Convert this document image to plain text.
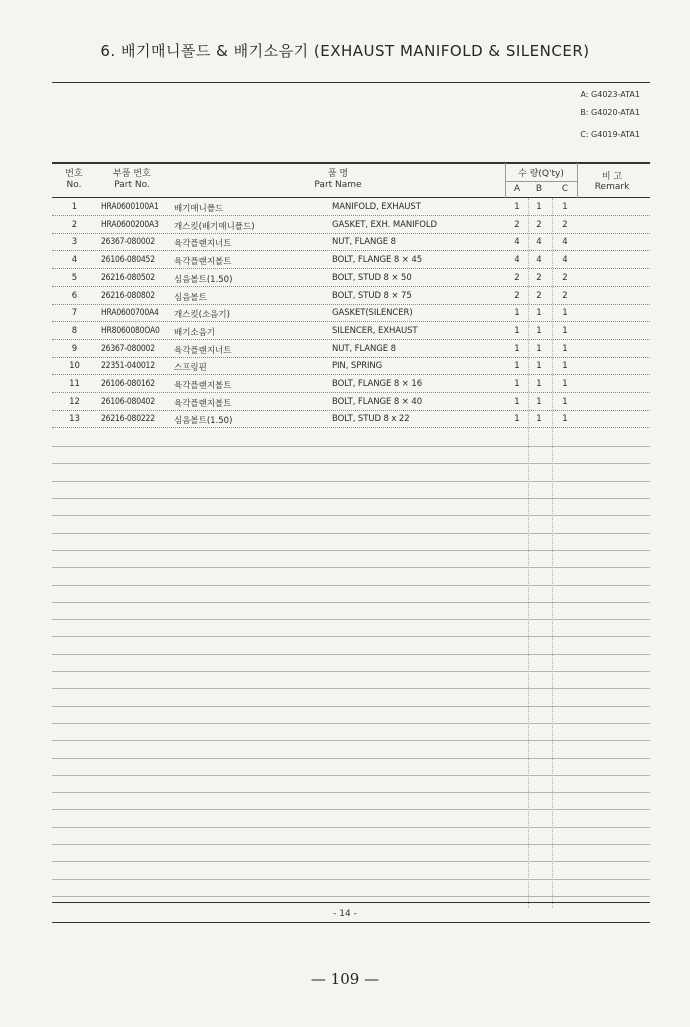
6. 배기매니폴드 & 배기소음기 (EXHAUST MANIFOLD & SILENCER)
A: G4023-ATA1
B: G4020-ATA1
C: G4019-ATA1
번호
No.
부품 번호
Part No.
품 명
Part Name
수 량(Q'ty)
A B C
비 고
Remark
1	HRA0600100A1 배기매니폴드	MANIFOLD, EXHAUST	1 1 1
2	HRA0600200A3 개스킷(배기매니폴드)	GASKET, EXH. MANIFOLD	2 2 2
3	26367-080002 육각플랜지너트	NUT, FLANGE 8	4 4 4
4	26106-080452 육각플랜지볼트	BOLT, FLANGE 8 × 45	4 4 4
5	26216-080502 심음볼트(1.50)	BOLT, STUD 8 × 50	2 2 2
6	26216-080802 심음볼트	BOLT, STUD 8 × 75	2 2 2
7	HRA0600700A4 개스킷(소음기)	GASKET(SILENCER)	1 1 1
8	HR8060080OA0 배기소음기	SILENCER, EXHAUST	1 1 1
9	26367-080002 육각플랜지너트	NUT, FLANGE 8	1 1 1
10	22351-040012 스프링핀	PIN, SPRING	1 1 1
11	26106-080162 육각플랜지볼트	BOLT, FLANGE 8 × 16	1 1 1
12	26106-080402 육각플랜지볼트	BOLT, FLANGE 8 × 40	1 1 1
13	26216-080222 심음볼트(1.50)	BOLT, STUD 8 x 22	1 1 1
- 14 -
— 109 —
